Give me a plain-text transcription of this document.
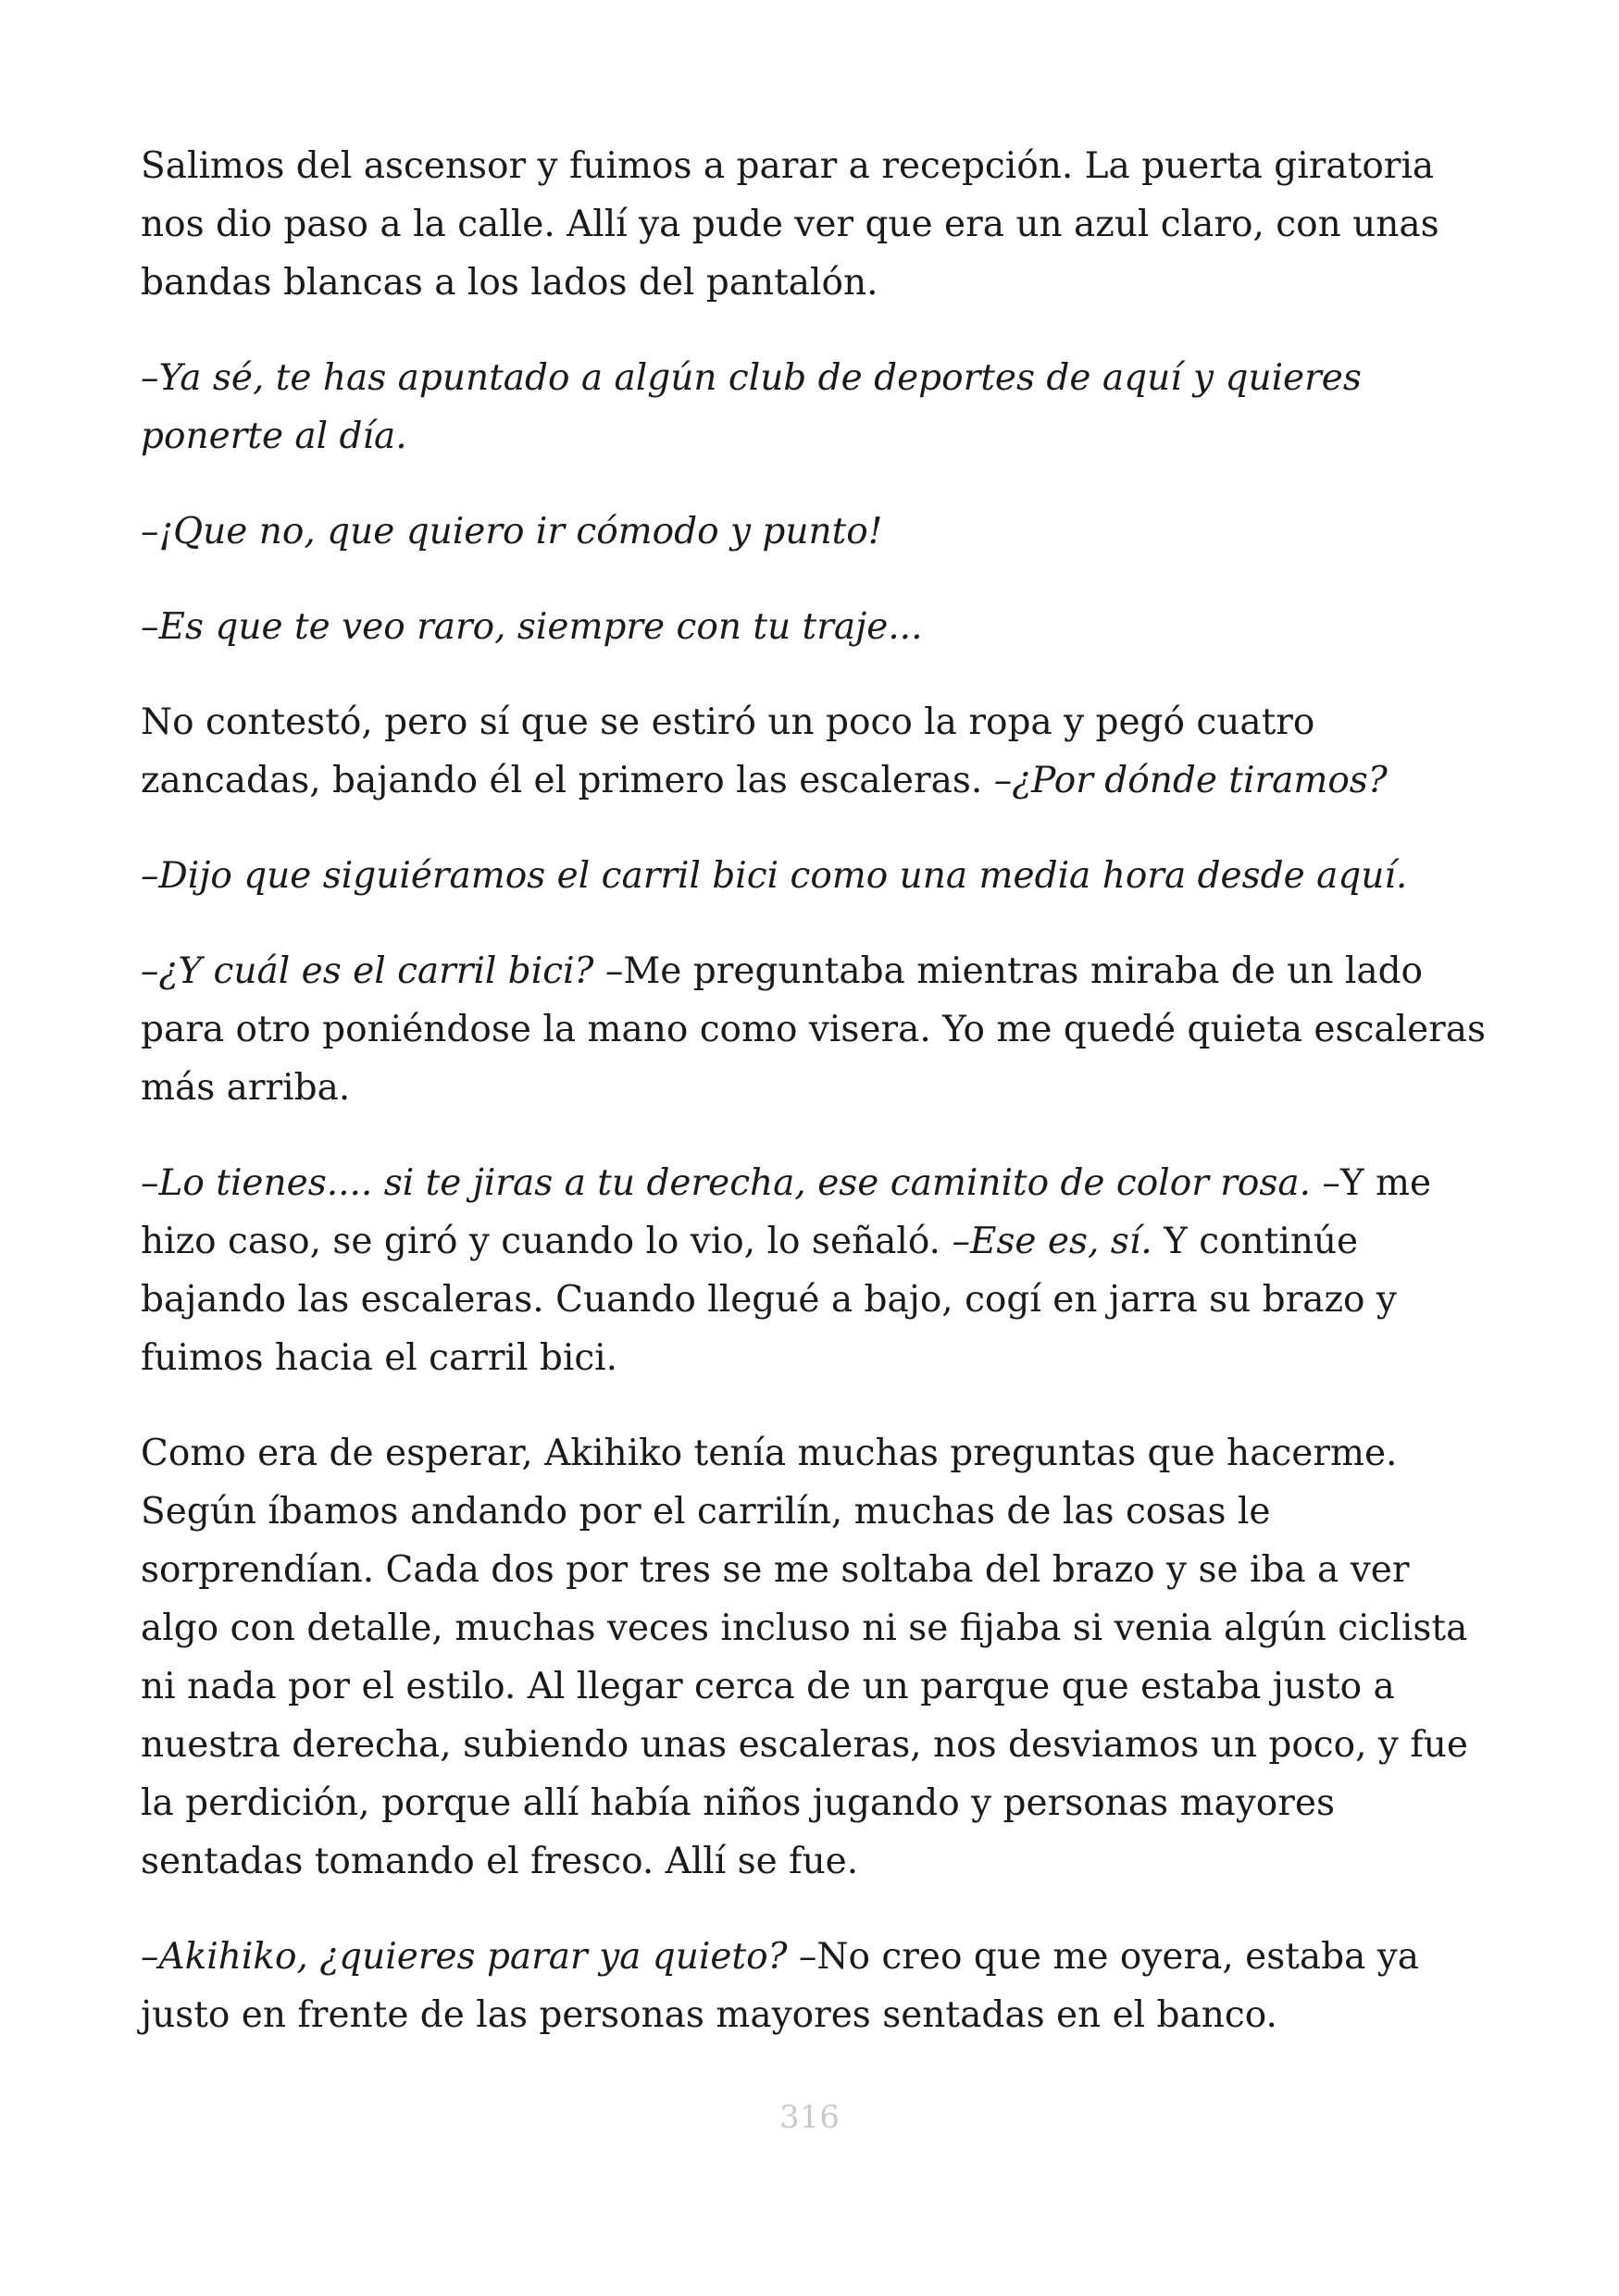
Salimos del ascensor y fuimos a parar a recepción. La puerta giratoria nos dio paso a la calle. Allí ya pude ver que era un azul claro, con unas bandas blancas a los lados del pantalón.

–Ya sé, te has apuntado a algún club de deportes de aquí y quieres ponerte al día.

–¡Que no, que quiero ir cómodo y punto!

–Es que te veo raro, siempre con tu traje...

No contestó, pero sí que se estiró un poco la ropa y pegó cuatro zancadas, bajando él el primero las escaleras. –¿Por dónde tiramos?

–Dijo que siguiéramos el carril bici como una media hora desde aquí.

–¿Y cuál es el carril bici? –Me preguntaba mientras miraba de un lado para otro poniéndose la mano como visera. Yo me quedé quieta escaleras más arriba.

–Lo tienes.... si te jiras a tu derecha, ese caminito de color rosa. –Y me hizo caso, se giró y cuando lo vio, lo señaló. –Ese es, sí. Y continúe bajando las escaleras. Cuando llegué a bajo, cogí en jarra su brazo y fuimos hacia el carril bici.

Como era de esperar, Akihiko tenía muchas preguntas que hacerme. Según íbamos andando por el carrilín, muchas de las cosas le sorprendían. Cada dos por tres se me soltaba del brazo y se iba a ver algo con detalle, muchas veces incluso ni se fijaba si venia algún ciclista ni nada por el estilo. Al llegar cerca de un parque que estaba justo a nuestra derecha, subiendo unas escaleras, nos desviamos un poco, y fue la perdición, porque allí había niños jugando y personas mayores sentadas tomando el fresco. Allí se fue.

–Akihiko, ¿quieres parar ya quieto? –No creo que me oyera, estaba ya justo en frente de las personas mayores sentadas en el banco.

316
